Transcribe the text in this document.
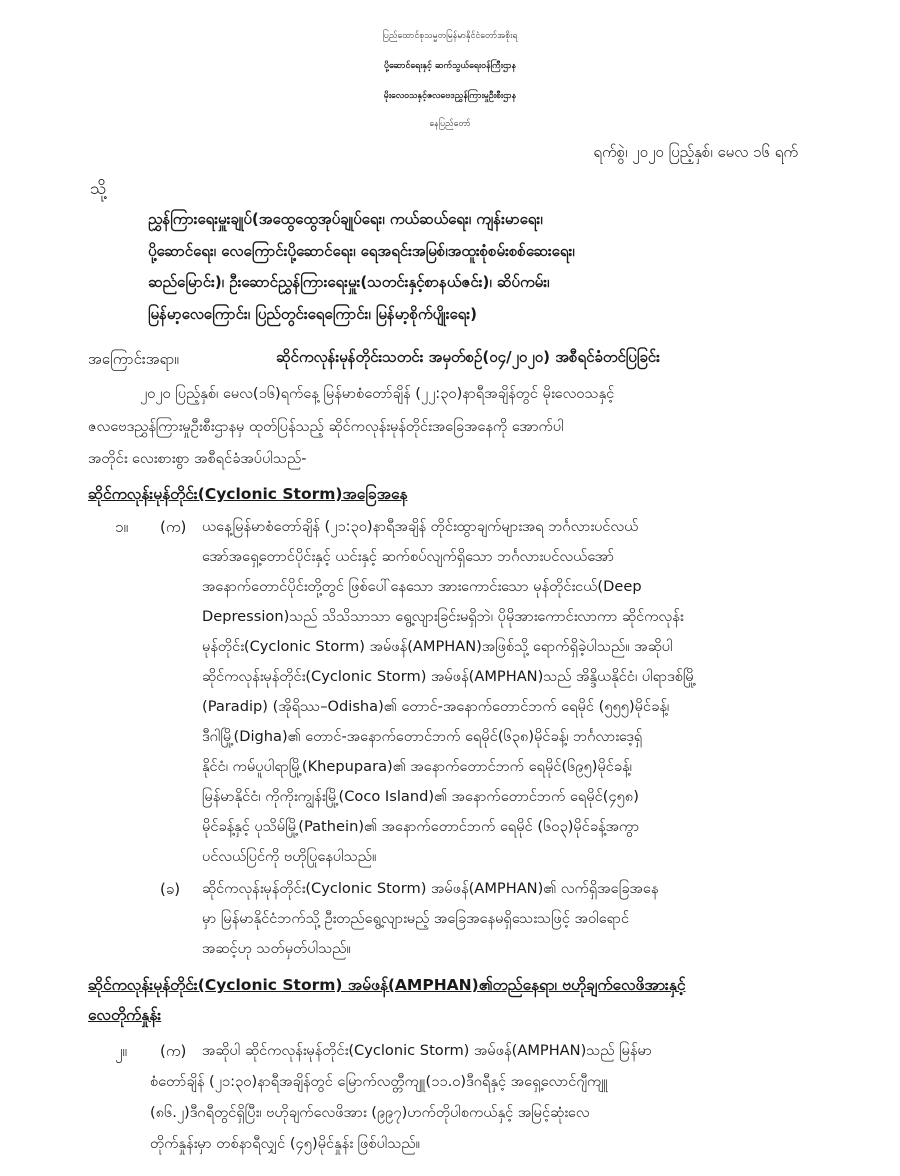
ပြည်ထောင်စုသမ္မတမြန်မာနိုင်ငံတော်အစိုးရ
ပို့ဆောင်ရေးနှင့် ဆက်သွယ်ရေးဝန်ကြီးဌာန
မိုးလေဝသနှင့်ဇလဗေဒညွှန်ကြားမှုဦးစီးဌာန
နေပြည်တော်
ရက်စွဲ၊ ၂၀၂၀ ပြည့်နှစ်၊ မေလ ၁၆ ရက်
သို့
ညွှန်ကြားရေးမှူးချုပ်(အထွေထွေအုပ်ချုပ်ရေး၊ ကယ်ဆယ်ရေး၊ ကျန်းမာရေး၊
ပို့ဆောင်ရေး၊ လေကြောင်းပို့ဆောင်ရေး၊ ရေအရင်းအမြစ်၊အထူးစုံစမ်းစစ်ဆေးရေး၊
ဆည်မြောင်း)၊ ဦးဆောင်ညွှန်ကြားရေးမှူး(သတင်းနှင့်စာနယ်ဇင်း)၊ ဆိပ်ကမ်း၊
မြန်မာ့လေကြောင်း၊ ပြည်တွင်းရေကြောင်း၊ မြန်မာ့စိုက်ပျိုးရေး)
အကြောင်းအရာ။	ဆိုင်ကလုန်းမုန်တိုင်းသတင်း အမှတ်စဉ်(၀၄/၂၀၂၀) အစီရင်ခံတင်ပြခြင်း
၂၀၂၀ ပြည့်နှစ်၊ မေလ(၁၆)ရက်နေ့ မြန်မာစံတော်ချိန် (၂၂:၃၀)နာရီအချိန်တွင် မိုးလေဝသနှင့်
ဇလဗေဒညွှန်ကြားမှုဦးစီးဌာနမှ ထုတ်ပြန်သည့် ဆိုင်ကလုန်းမုန်တိုင်းအခြေအနေကို အောက်ပါ
အတိုင်း လေးစားစွာ အစီရင်ခံအပ်ပါသည်-
ဆိုင်ကလုန်းမုန်တိုင်း(Cyclonic Storm)အခြေအနေ
၁။ (က) ယနေ့မြန်မာစံတော်ချိန် (၂၁:၃၀)နာရီအချိန် တိုင်းထွာချက်များအရ ဘင်္ဂလားပင်လယ်
အော်အရှေ့တောင်ပိုင်းနှင့် ယင်းနှင့် ဆက်စပ်လျက်ရှိသော ဘင်္ဂလားပင်လယ်အော်
အနောက်တောင်ပိုင်းတို့တွင် ဖြစ်ပေါ်နေသော အားကောင်းသော မုန်တိုင်းငယ်(Deep
Depression)သည် သိသိသာသာ ရွေ့လျားခြင်းမရှိဘဲ၊ ပိုမိုအားကောင်းလာကာ ဆိုင်ကလုန်း
မုန်တိုင်း(Cyclonic Storm) အမ်ဖန်(AMPHAN)အဖြစ်သို့ ရောက်ရှိခဲ့ပါသည်။ အဆိုပါ
ဆိုင်ကလုန်းမုန်တိုင်း(Cyclonic Storm) အမ်ဖန်(AMPHAN)သည် အိန္ဒိယနိုင်ငံ၊ ပါရာဒစ်မြို့
(Paradip) (အိုရိဿ–Odisha)၏ တောင်-အနောက်တောင်ဘက် ရေမိုင် (၅၅၅)မိုင်ခန့်၊
ဒီဂါမြို့(Digha)၏ တောင်-အနောက်တောင်ဘက် ရေမိုင်(၆၃၈)မိုင်ခန့်၊ ဘင်္ဂလားဒေ့ရှ်
နိုင်ငံ၊ ကမ်ပူပါရာမြို့(Khepupara)၏ အနောက်တောင်ဘက် ရေမိုင်(၆၉၅)မိုင်ခန့်၊
မြန်မာနိုင်ငံ၊ ကိုကိုးကျွန်းမြို့(Coco Island)၏ အနောက်တောင်ဘက် ရေမိုင်(၄၅၈)
မိုင်ခန့်နှင့် ပုသိမ်မြို့(Pathein)၏ အနောက်တောင်ဘက် ရေမိုင် (၆၀၃)မိုင်ခန့်အကွာ
ပင်လယ်ပြင်ကို ဗဟိုပြုနေပါသည်။
(ခ) ဆိုင်ကလုန်းမုန်တိုင်း(Cyclonic Storm) အမ်ဖန်(AMPHAN)၏ လက်ရှိအခြေအနေ
မှာ မြန်မာနိုင်ငံဘက်သို့ ဦးတည်ရွေ့လျားမည့် အခြေအနေမရှိသေးသဖြင့် အဝါရောင်
အဆင့်ဟု သတ်မှတ်ပါသည်။
ဆိုင်ကလုန်းမုန်တိုင်း(Cyclonic Storm) အမ်ဖန်(AMPHAN)၏တည်နေရာ၊ ဗဟိုချက်လေဖိအားနှင့်
လေတိုက်နှုန်း
၂။ (က) အဆိုပါ ဆိုင်ကလုန်းမုန်တိုင်း(Cyclonic Storm) အမ်ဖန်(AMPHAN)သည် မြန်မာ
စံတော်ချိန် (၂၁:၃၀)နာရီအချိန်တွင် မြောက်လတ္တီကျူ(၁၁.၀)ဒီဂရီနှင့် အရှေ့လောင်ဂျီကျူ
(၈၆.၂)ဒီဂရီတွင်ရှိပြီး၊ ဗဟိုချက်လေဖိအား (၉၉၇)ဟက်တိုပါစကယ်နှင့် အမြင့်ဆုံးလေ
တိုက်နှုန်းမှာ တစ်နာရီလျှင် (၄၅)မိုင်နှုန်း ဖြစ်ပါသည်။
